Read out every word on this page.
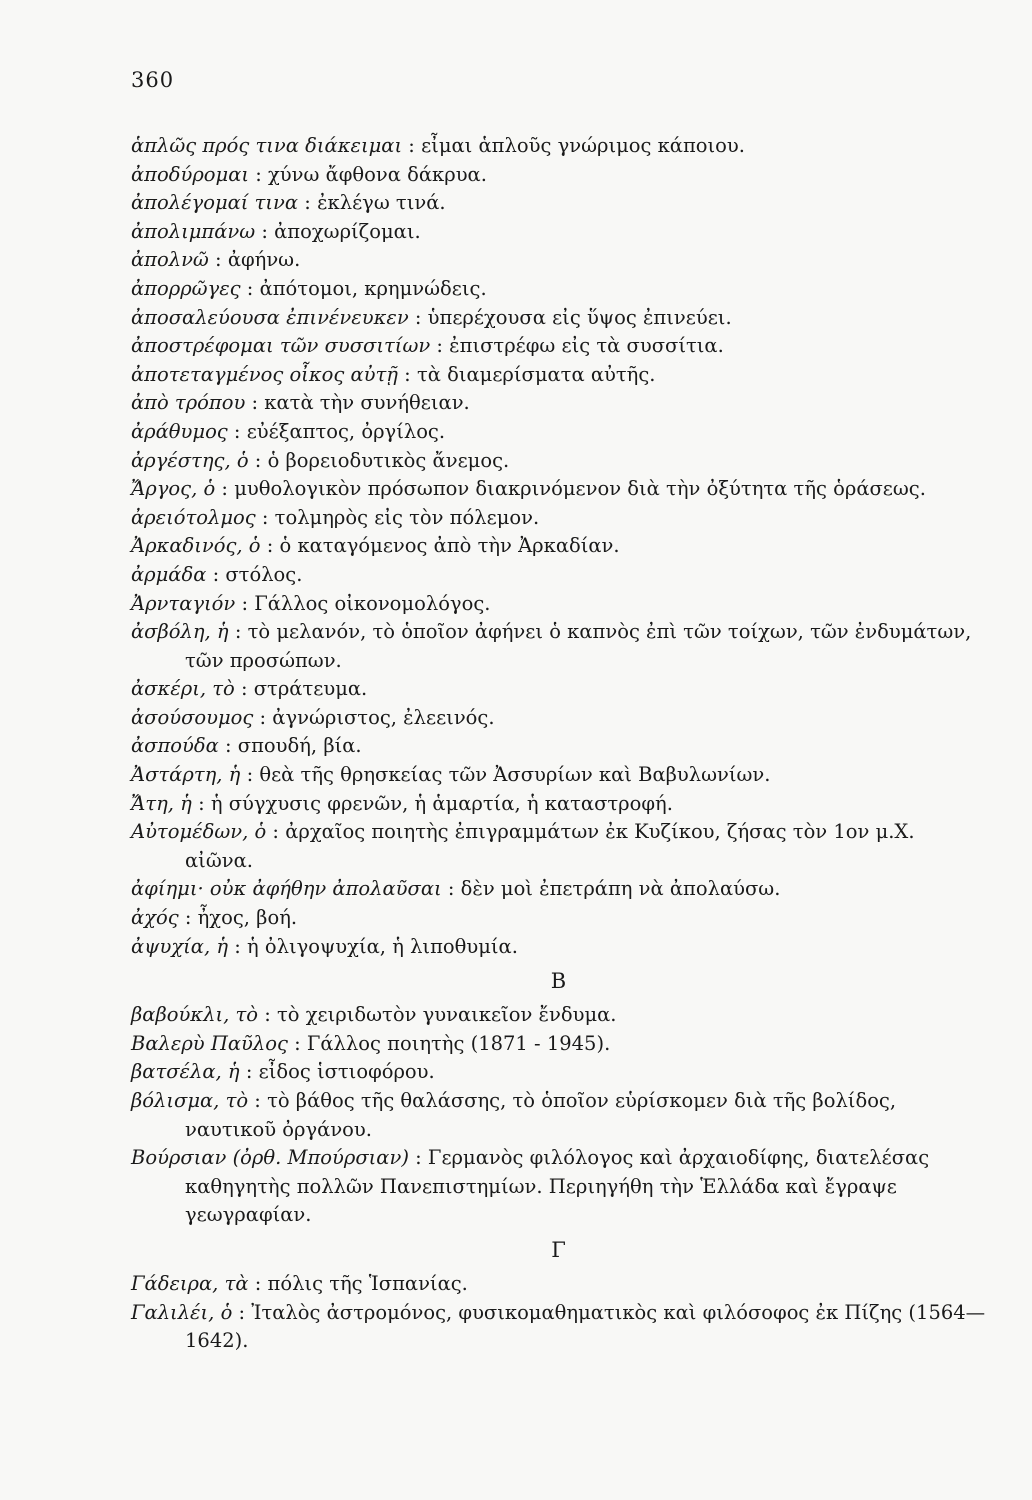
360
ἁπλῶς πρός τινα διάκειμαι : εἶμαι ἁπλοῦς γνώριμος κάποιου.
ἀποδύρομαι : χύνω ἄφθονα δάκρυα.
ἀπολέγομαί τινα : ἐκλέγω τινά.
ἀπολιμπάνω : ἀποχωρίζομαι.
ἀπολνῶ : ἀφήνω.
ἀπορρῶγες : ἀπότομοι, κρημνώδεις.
ἀποσαλεύουσα ἐπινένευκεν : ὑπερέχουσα εἰς ὕψος ἐπινεύει.
ἀποστρέφομαι τῶν συσσιτίων : ἐπιστρέφω εἰς τὰ συσσίτια.
ἀποτεταγμένος οἶκος αὐτῇ : τὰ διαμερίσματα αὐτῆς.
ἀπὸ τρόπου : κατὰ τὴν συνήθειαν.
ἀράθυμος : εὐέξαπτος, ὀργίλος.
ἀργέστης, ὁ : ὁ βορειοδυτικὸς ἄνεμος.
Ἄργος, ὁ : μυθολογικὸν πρόσωπον διακρινόμενον διὰ τὴν ὀξύτητα τῆς ὁράσεως.
ἀρειότολμος : τολμηρὸς εἰς τὸν πόλεμον.
Ἀρκαδινός, ὁ : ὁ καταγόμενος ἀπὸ τὴν Ἀρκαδίαν.
ἀρμάδα : στόλος.
Ἀρνταγιόν : Γάλλος οἰκονομολόγος.
ἀσβόλη, ἡ : τὸ μελανόν, τὸ ὁποῖον ἀφήνει ὁ καπνὸς ἐπὶ τῶν τοίχων, τῶν ἐνδυμάτων, τῶν προσώπων.
ἀσκέρι, τὸ : στράτευμα.
ἀσούσουμος : ἀγνώριστος, ἐλεεινός.
ἀσπούδα : σπουδή, βία.
Ἀστάρτη, ἡ : θεὰ τῆς θρησκείας τῶν Ἀσσυρίων καὶ Βαβυλωνίων.
Ἄτη, ἡ : ἡ σύγχυσις φρενῶν, ἡ ἁμαρτία, ἡ καταστροφή.
Αὐτομέδων, ὁ : ἀρχαῖος ποιητὴς ἐπιγραμμάτων ἐκ Κυζίκου, ζήσας τὸν 1ον μ.Χ. αἰῶνα.
ἀφίημι· οὐκ ἀφήθην ἀπολαῦσαι : δὲν μοὶ ἐπετράπη νὰ ἀπολαύσω.
ἀχός : ἦχος, βοή.
ἀψυχία, ἡ : ἡ ὀλιγοψυχία, ἡ λιποθυμία.
Β
βαβούκλι, τὸ : τὸ χειριδωτὸν γυναικεῖον ἔνδυμα.
Βαλερὺ Παῦλος : Γάλλος ποιητὴς (1871 - 1945).
βατσέλα, ἡ : εἶδος ἱστιοφόρου.
βόλισμα, τὸ : τὸ βάθος τῆς θαλάσσης, τὸ ὁποῖον εὑρίσκομεν διὰ τῆς βολίδος, ναυτικοῦ ὀργάνου.
Βούρσιαν (ὀρθ. Μπούρσιαν) : Γερμανὸς φιλόλογος καὶ ἀρχαιοδίφης, διατελέσας καθηγητὴς πολλῶν Πανεπιστημίων. Περιηγήθη τὴν Ἑλλάδα καὶ ἔγραψε γεωγραφίαν.
Γ
Γάδειρα, τὰ : πόλις τῆς Ἱσπανίας.
Γαλιλέι, ὁ : Ἰταλὸς ἀστρομόνος, φυσικομαθηματικὸς καὶ φιλόσοφος ἐκ Πίζης (1564—1642).
